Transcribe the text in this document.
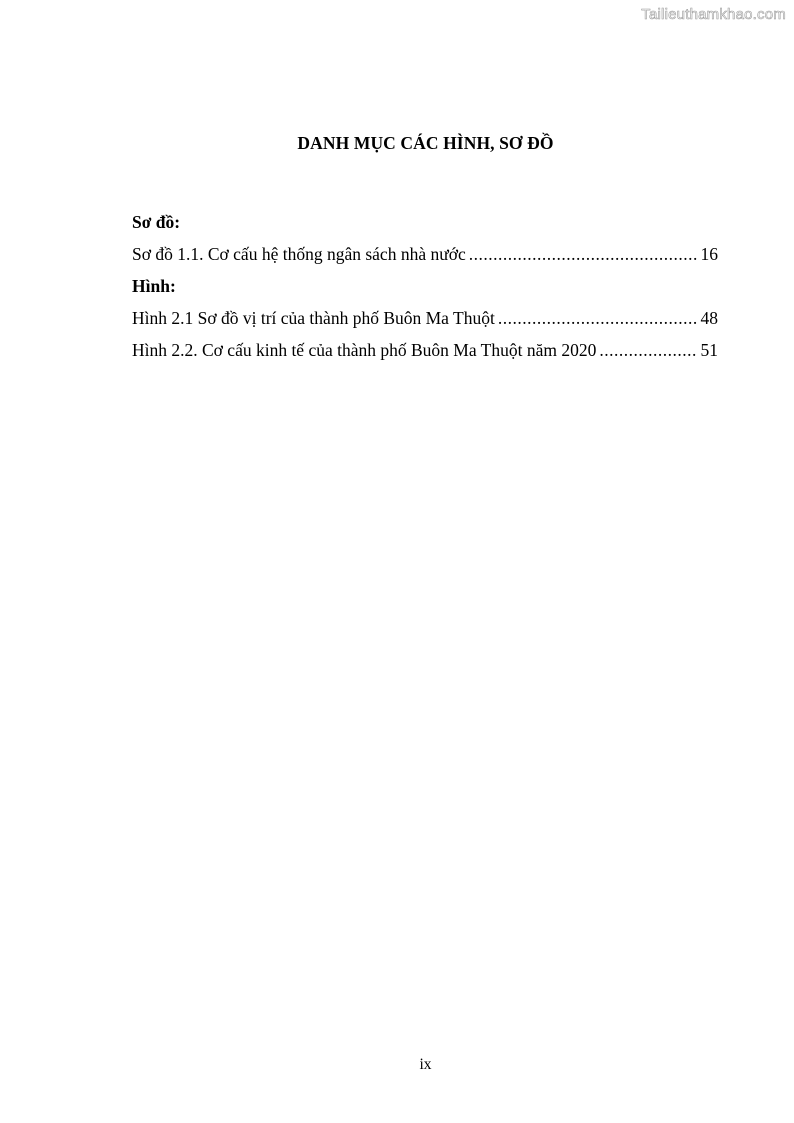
Tailieuthamkhao.com
DANH MỤC CÁC HÌNH, SƠ ĐỒ
Sơ đồ:
Sơ đồ 1.1. Cơ cấu hệ thống ngân sách nhà nước .....	16
Hình:
Hình 2.1 Sơ đồ vị trí của thành phố Buôn Ma Thuột .....	48
Hình 2.2. Cơ cấu kinh tế của thành phố Buôn Ma Thuột năm 2020 .....	51
ix
